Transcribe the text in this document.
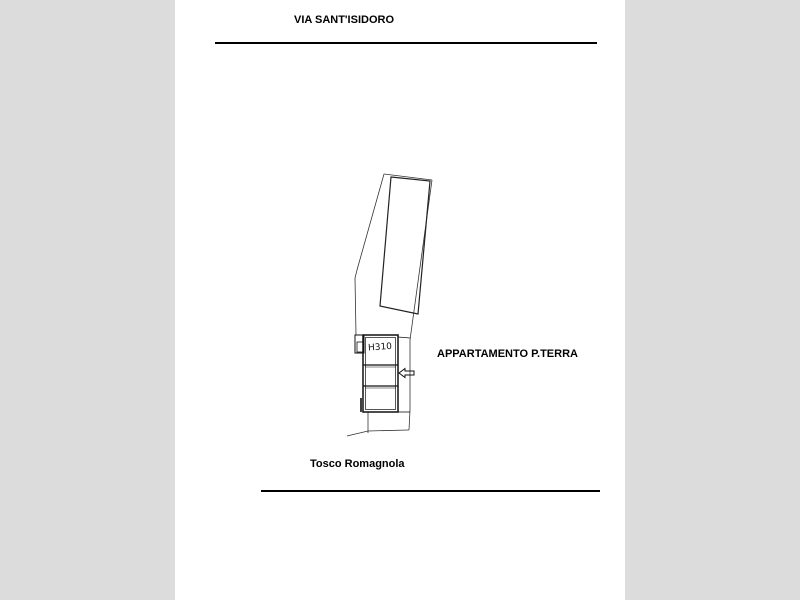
H310
VIA SANT'ISIDORO
APPARTAMENTO P.TERRA
Tosco Romagnola
